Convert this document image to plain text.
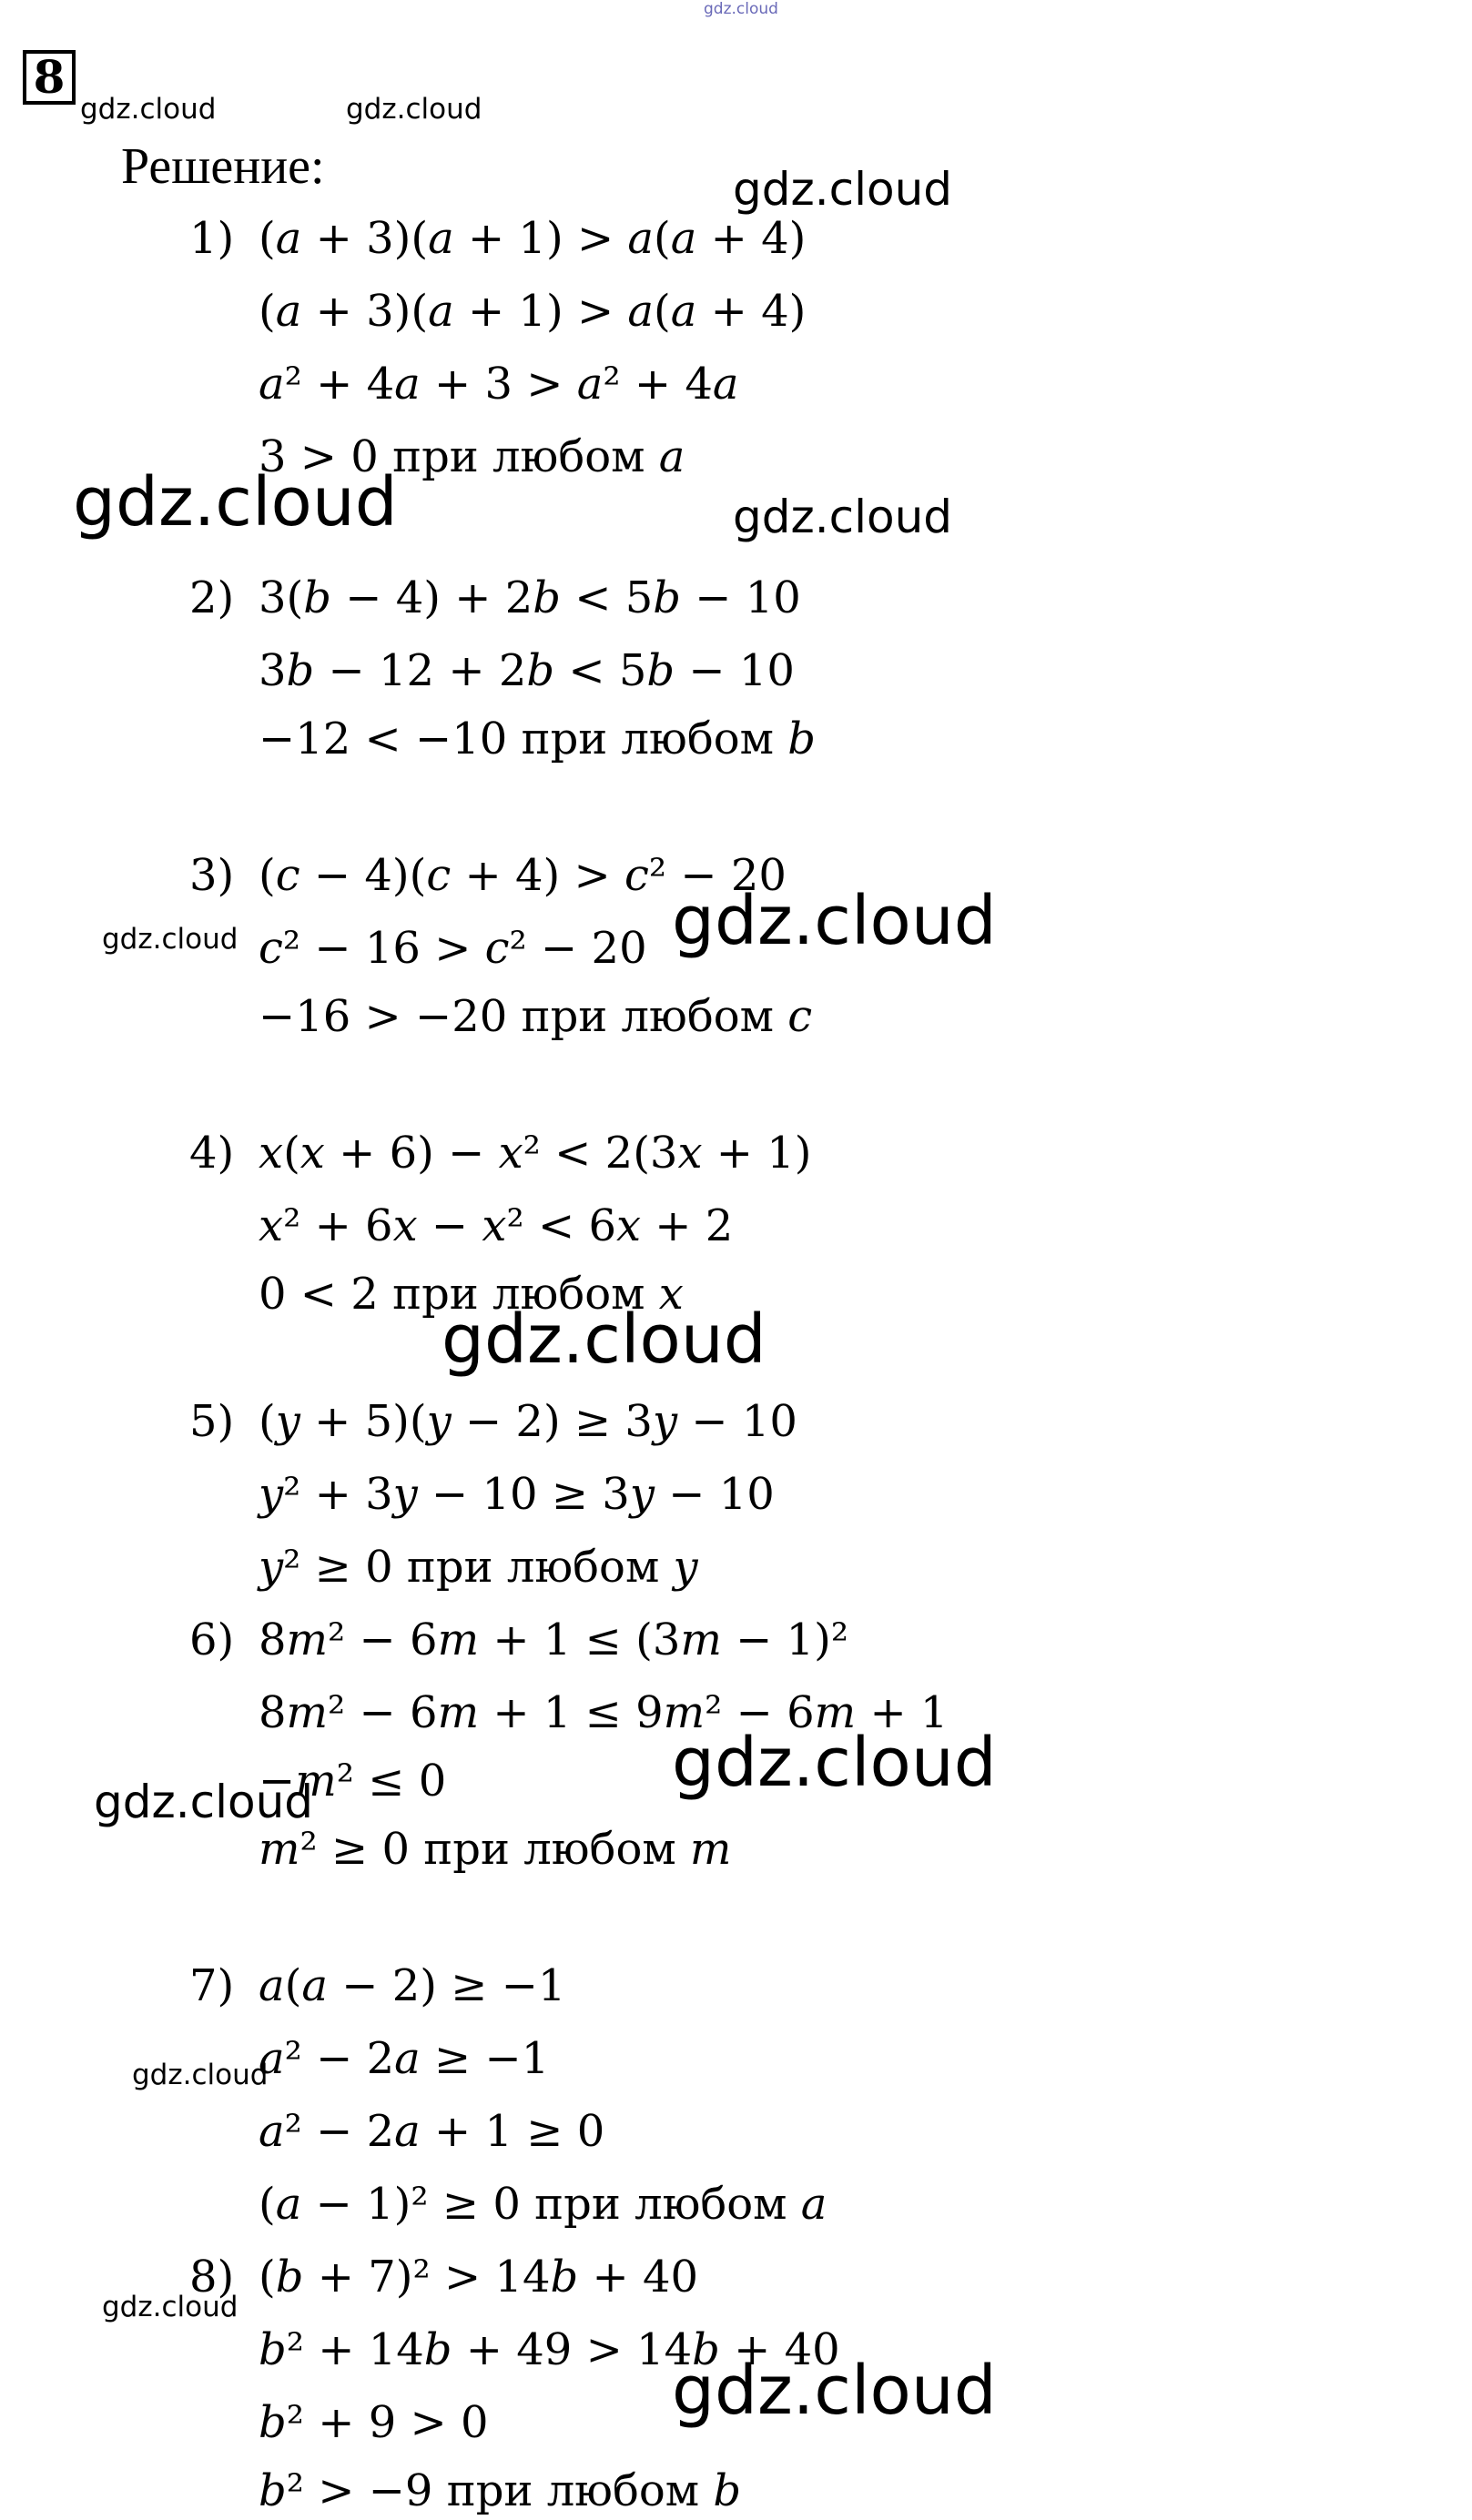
8
Решение:
1) (𝑎 + 3)(𝑎 + 1) > 𝑎(𝑎 + 4)
(𝑎 + 3)(𝑎 + 1) > 𝑎(𝑎 + 4)
𝑎² + 4𝑎 + 3 > 𝑎² + 4𝑎
3 > 0 при любом 𝑎
2) 3(𝑏 − 4) + 2𝑏 < 5𝑏 − 10
3𝑏 − 12 + 2𝑏 < 5𝑏 − 10
−12 < −10 при любом 𝑏
3) (𝑐 − 4)(𝑐 + 4) > 𝑐² − 20
𝑐² − 16 > 𝑐² − 20
−16 > −20 при любом 𝑐
4) 𝑥(𝑥 + 6) − 𝑥² < 2(3𝑥 + 1)
𝑥² + 6𝑥 − 𝑥² < 6𝑥 + 2
0 < 2 при любом 𝑥
5) (𝑦 + 5)(𝑦 − 2) ≥ 3𝑦 − 10
𝑦² + 3𝑦 − 10 ≥ 3𝑦 − 10
𝑦² ≥ 0 при любом 𝑦
6) 8𝑚² − 6𝑚 + 1 ≤ (3𝑚 − 1)²
8𝑚² − 6𝑚 + 1 ≤ 9𝑚² − 6𝑚 + 1
−𝑚² ≤ 0
𝑚² ≥ 0 при любом 𝑚
7) 𝑎(𝑎 − 2) ≥ −1
𝑎² − 2𝑎 ≥ −1
𝑎² − 2𝑎 + 1 ≥ 0
(𝑎 − 1)² ≥ 0 при любом 𝑎
8) (𝑏 + 7)² > 14𝑏 + 40
𝑏² + 14𝑏 + 49 > 14𝑏 + 40
𝑏² + 9 > 0
𝑏² > −9 при любом 𝑏
gdz.cloud
gdz.cloud	gdz.cloud
gdz.cloud
gdz.cloud	gdz.cloud
gdz.cloud	gdz.cloud
gdz.cloud
gdz.cloud	gdz.cloud
gdz.cloud
gdz.cloud
gdz.cloud
